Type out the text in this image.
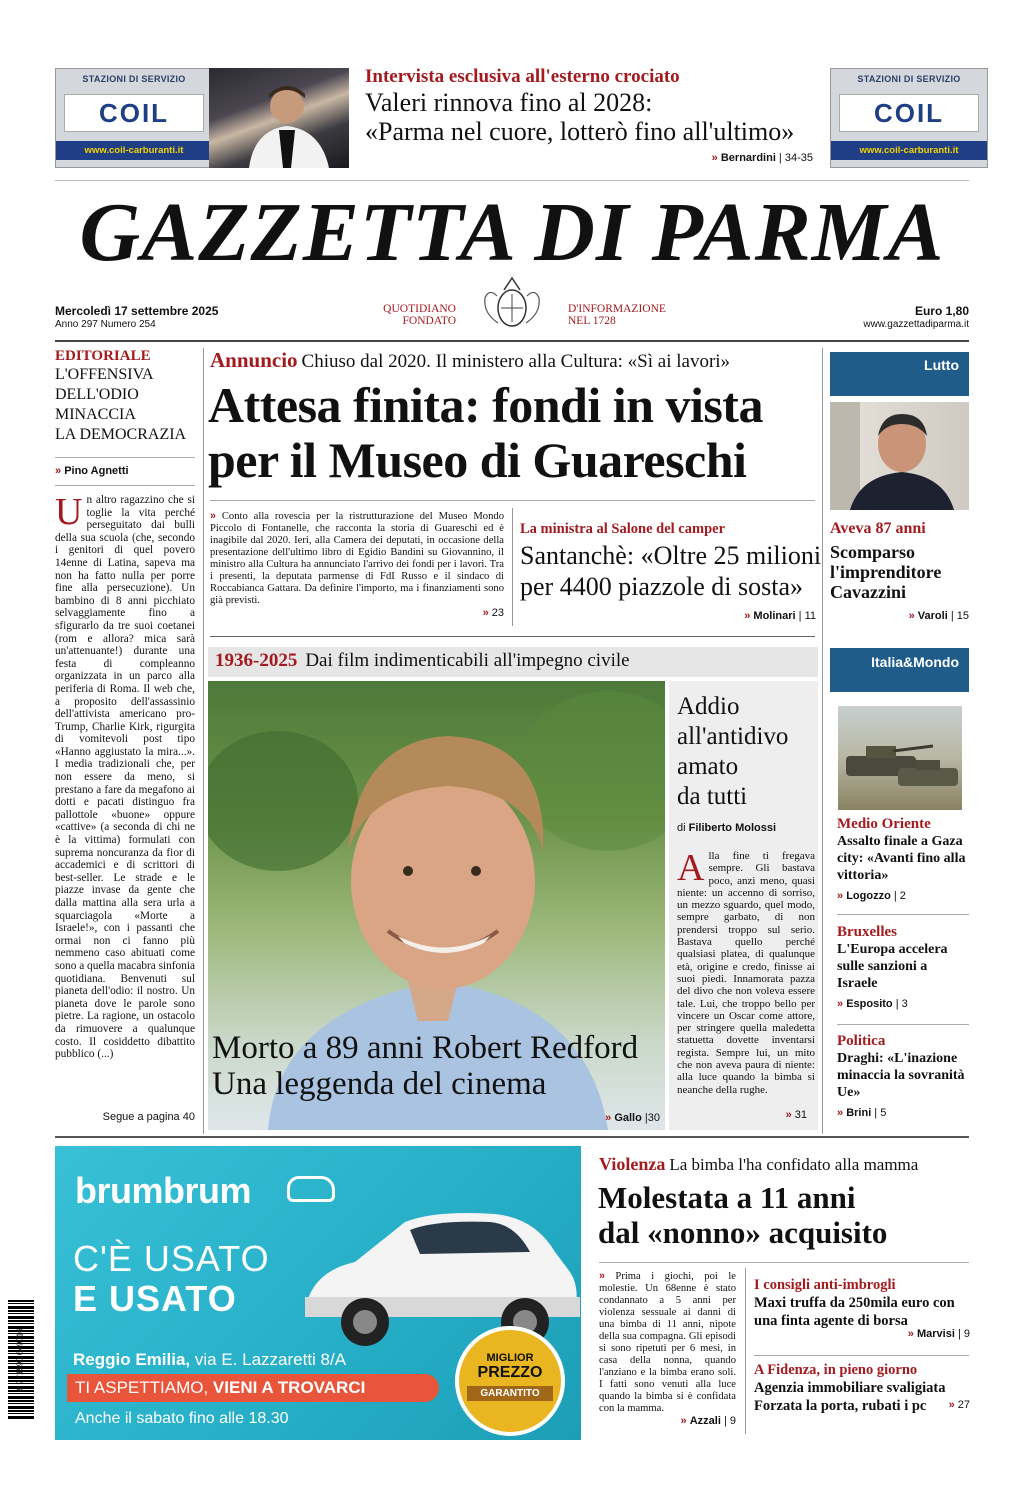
STAZIONI DI SERVIZIO
COIL
www.coil-carburanti.it
Intervista esclusiva all'esterno crociato
Valeri rinnova fino al 2028:
«Parma nel cuore, lotterò fino all'ultimo»
» Bernardini | 34-35
STAZIONI DI SERVIZIO
COIL
www.coil-carburanti.it
GAZZETTA DI PARMA
Mercoledì 17 settembre 2025
Anno 297 Numero 254
QUOTIDIANO
FONDATO
D'INFORMAZIONE
NEL 1728
Euro 1,80
www.gazzettadiparma.it
EDITORIALE
L'OFFENSIVA
DELL'ODIO
MINACCIA
LA DEMOCRAZIA
» Pino Agnetti
Un altro ragazzino che si toglie la vita perché perseguitato dai bulli della sua scuola (che, secondo i genitori di quel povero 14enne di Latina, sapeva ma non ha fatto nulla per porre fine alla persecuzione). Un bambino di 8 anni picchiato selvaggiamente fino a sfigurarlo da tre suoi coetanei (rom e allora? mica sarà un'attenuante!) durante una festa di compleanno organizzata in un parco alla periferia di Roma. Il web che, a proposito dell'assassinio dell'attivista americano pro-Trump, Charlie Kirk, rigurgita di vomitevoli post tipo «Hanno aggiustato la mira...». I media tradizionali che, per non essere da meno, si prestano a fare da megafono ai dotti e pacati distinguo fra pallottole «buone» oppure «cattive» (a seconda di chi ne è la vittima) formulati con suprema noncuranza da fior di accademici e di scrittori di best-seller. Le strade e le piazze invase da gente che dalla mattina alla sera urla a squarciagola «Morte a Israele!», con i passanti che ormai non ci fanno più nemmeno caso abituati come sono a quella macabra sinfonia quotidiana. Benvenuti sul pianeta dell'odio: il nostro. Un pianeta dove le parole sono pietre. La ragione, un ostacolo da rimuovere a qualunque costo. Il cosiddetto dibattito pubblico (...)
Segue a pagina 40
Annuncio Chiuso dal 2020. Il ministero alla Cultura: «Sì ai lavori»
Attesa finita: fondi in vista
per il Museo di Guareschi
» Conto alla rovescia per la ristrutturazione del Museo Mondo Piccolo di Fontanelle, che racconta la storia di Guareschi ed è inagibile dal 2020. Ieri, alla Camera dei deputati, in occasione della presentazione dell'ultimo libro di Egidio Bandini su Giovannino, il ministro alla Cultura ha annunciato l'arrivo dei fondi per i lavori. Tra i presenti, la deputata parmense di FdI Russo e il sindaco di Roccabianca Gattara. Da definire l'importo, ma i finanziamenti sono già previsti.
» 23
La ministra al Salone del camper
Santanchè: «Oltre 25 milioni
per 4400 piazzole di sosta»
» Molinari | 11
1936-2025 Dai film indimenticabili all'impegno civile
Morto a 89 anni Robert Redford
Una leggenda del cinema
» Gallo |30
Addio
all'antidivo
amato
da tutti
di Filiberto Molossi
Alla fine ti fregava sempre. Gli bastava poco, anzi meno, quasi niente: un accenno di sorriso, un mezzo sguardo, quel modo, sempre garbato, di non prendersi troppo sul serio. Bastava quello perché qualsiasi platea, di qualunque età, origine e credo, finisse ai suoi piedi. Innamorata pazza del divo che non voleva essere tale. Lui, che troppo bello per vincere un Oscar come attore, per stringere quella maledetta statuetta dovette inventarsi regista. Sempre lui, un mito che non aveva paura di niente: alla luce quando la bimba si neanche della rughe.
» 31
Lutto
Aveva 87 anni
Scomparso
l'imprenditore
Cavazzini
» Varoli | 15
Italia&Mondo
Medio Oriente
Assalto finale a Gaza city: «Avanti fino alla vittoria»
» Logozzo | 2
Bruxelles
L'Europa accelera sulle sanzioni a Israele
» Esposito | 3
Politica
Draghi: «L'inazione minaccia la sovranità Ue»
» Brini | 5
9 771590 649016
brumbrum
C'È USATO
E USATO
Reggio Emilia, via E. Lazzaretti 8/A
TI ASPETTIAMO, VIENI A TROVARCI
Anche il sabato fino alle 18.30
MIGLIOR
PREZZO
GARANTITO
Violenza La bimba l'ha confidato alla mamma
Molestata a 11 anni
dal «nonno» acquisito
» Prima i giochi, poi le molestie. Un 68enne è stato condannato a 5 anni per violenza sessuale ai danni di una bimba di 11 anni, nipote della sua compagna. Gli episodi si sono ripetuti per 6 mesi, in casa della nonna, quando l'anziano e la bimba erano soli. I fatti sono venuti alla luce quando la bimba si è confidata con la mamma.
» Azzali | 9
I consigli anti-imbrogli
Maxi truffa da 250mila euro con una finta agente di borsa
» Marvisi | 9
A Fidenza, in pieno giorno
Agenzia immobiliare svaligiata
Forzata la porta, rubati i pc	» 27
